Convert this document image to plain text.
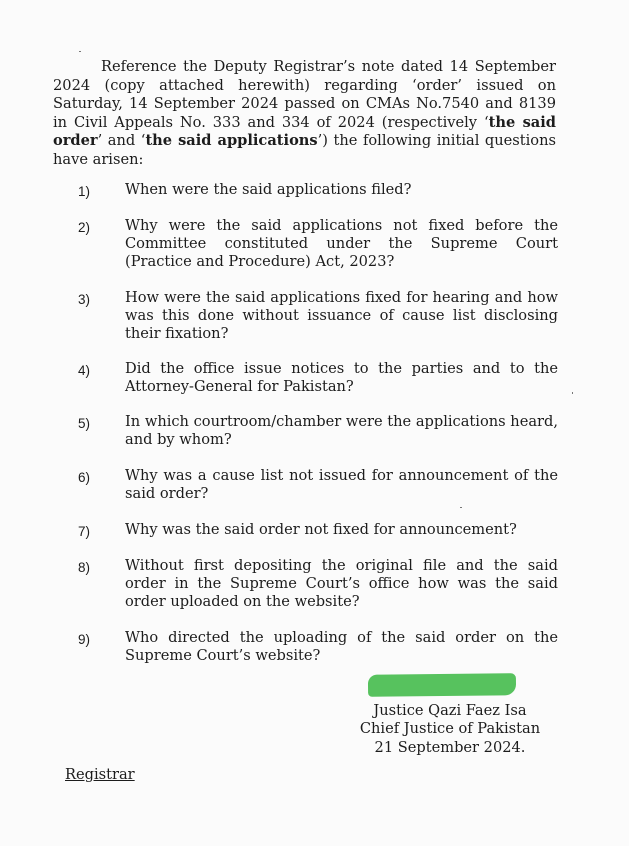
Reference the Deputy Registrar’s note dated 14 September 2024 (copy attached herewith) regarding ‘order’ issued on Saturday, 14 September 2024 passed on CMAs No.7540 and 8139 in Civil Appeals No. 333 and 334 of 2024 (respectively ‘the said order’ and ‘the said applications’) the following initial questions have arisen:

1) When were the said applications filed?

2) Why were the said applications not fixed before the Committee constituted under the Supreme Court (Practice and Procedure) Act, 2023?

3) How were the said applications fixed for hearing and how was this done without issuance of cause list disclosing their fixation?

4) Did the office issue notices to the parties and to the Attorney-General for Pakistan?

5) In which courtroom/chamber were the applications heard, and by whom?

6) Why was a cause list not issued for announcement of the said order?

7) Why was the said order not fixed for announcement?

8) Without first depositing the original file and the said order in the Supreme Court’s office how was the said order uploaded on the website?

9) Who directed the uploading of the said order on the Supreme Court’s website?

Justice Qazi Faez Isa
Chief Justice of Pakistan
21 September 2024.
Registrar
